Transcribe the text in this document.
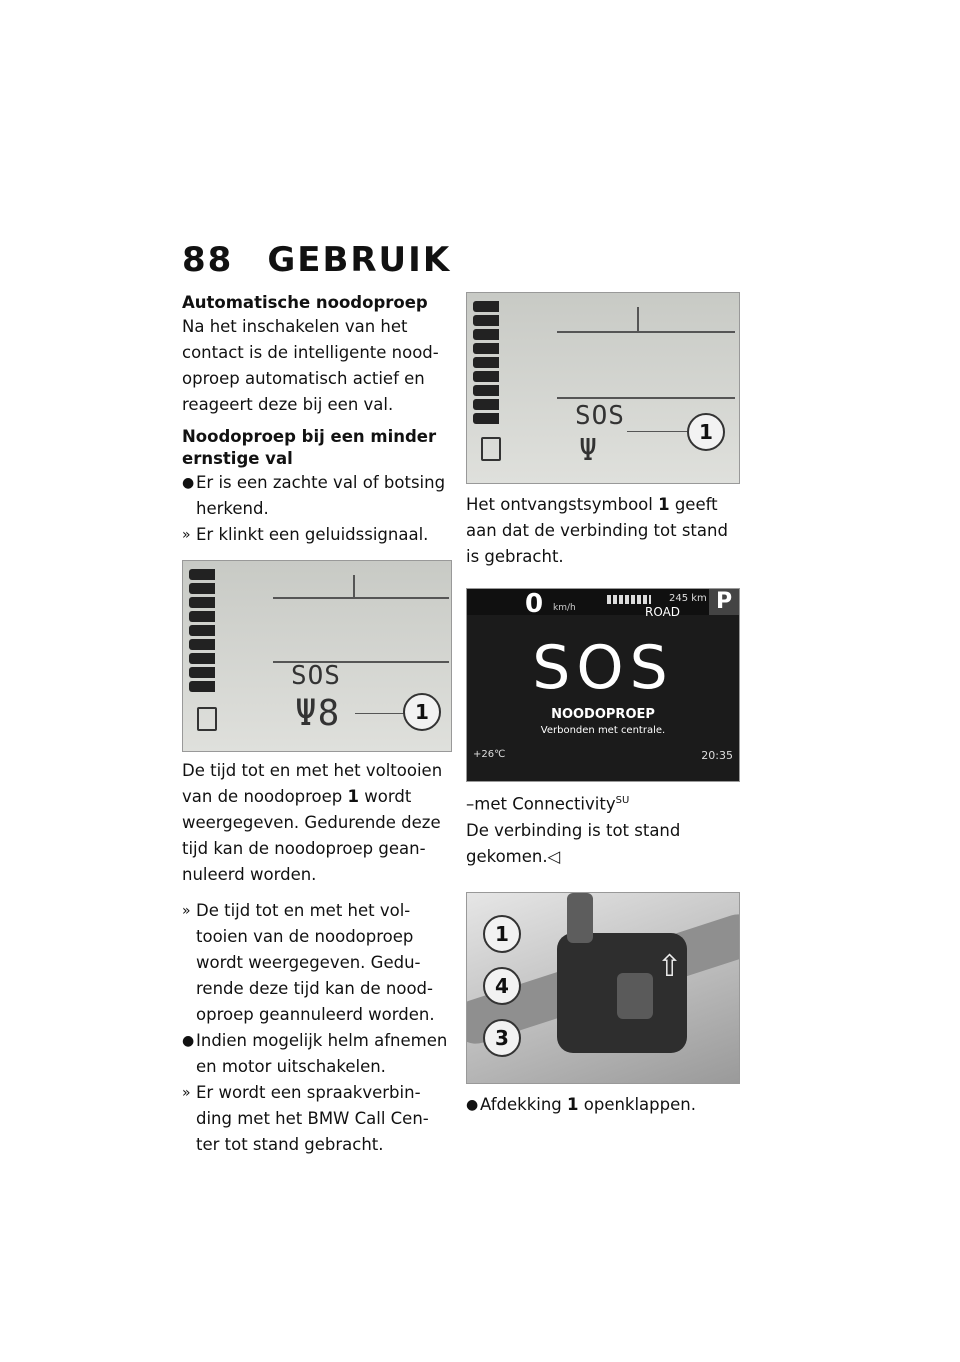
88 GEBRUIK

Automatische noodoproep

Na het inschakelen van het contact is de intelligente nood-oproep automatisch actief en reageert deze bij een val.

Noodoproep bij een minder ernstige val

● Er is een zachte val of botsing herkend.

» Er klinkt een geluidssignaal.

SOS
Ψ8	1

De tijd tot en met het voltooien van de noodoproep 1 wordt weergegeven. Gedurende deze tijd kan de noodoproep gean-nuleerd worden.

» De tijd tot en met het vol-tooien van de noodoproep wordt weergegeven. Gedu-rende deze tijd kan de nood-oproep geannuleerd worden.

● Indien mogelijk helm afnemen en motor uitschakelen.

» Er wordt een spraakverbin-ding met het BMW Call Cen-ter tot stand gebracht.

SOS
Ψ
1

Het ontvangstsymbool 1 geeft aan dat de verbinding tot stand is gebracht.

0 km/h
245 km
ROAD	P
SOS
NOODOPROEP
Verbonden met centrale.
+26℃	20:35

–met Connectivity$^{SU}$

De verbinding is tot stand gekomen.◁

⇧
1
4
3

● Afdekking 1 openklappen.
